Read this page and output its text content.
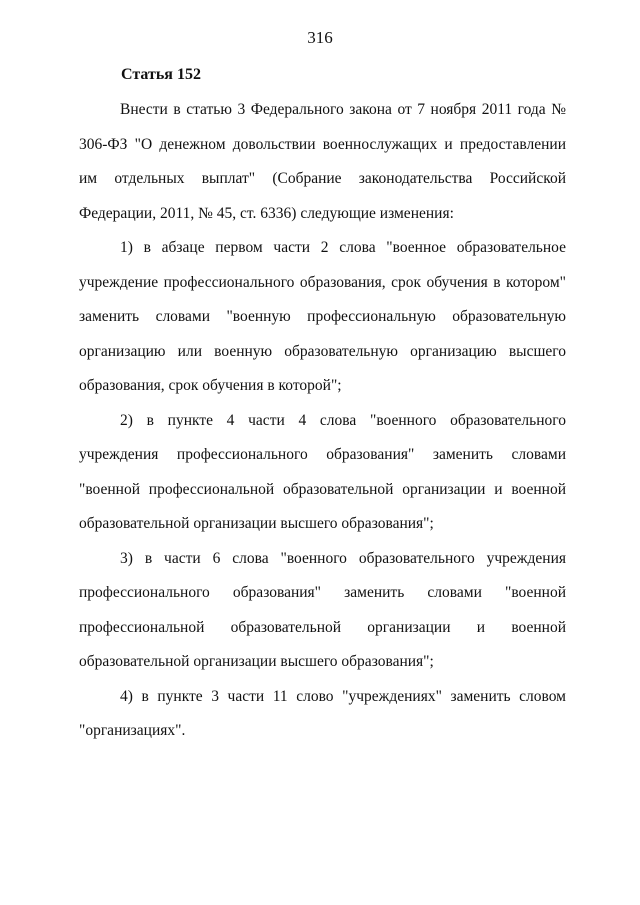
316
Статья 152

Внести в статью 3 Федерального закона от 7 ноября 2011 года № 306-ФЗ "О денежном довольствии военнослужащих и предоставлении им отдельных выплат" (Собрание законодательства Российской Федерации, 2011, № 45, ст. 6336) следующие изменения:

1) в абзаце первом части 2 слова "военное образовательное учреждение профессионального образования, срок обучения в котором" заменить словами "военную профессиональную образовательную организацию или военную образовательную организацию высшего образования, срок обучения в которой";

2) в пункте 4 части 4 слова "военного образовательного учреждения профессионального образования" заменить словами "военной профессиональной образовательной организации и военной образовательной организации высшего образования";

3) в части 6 слова "военного образовательного учреждения профессионального образования" заменить словами "военной профессиональной образовательной организации и военной образовательной организации высшего образования";

4) в пункте 3 части 11 слово "учреждениях" заменить словом "организациях".
